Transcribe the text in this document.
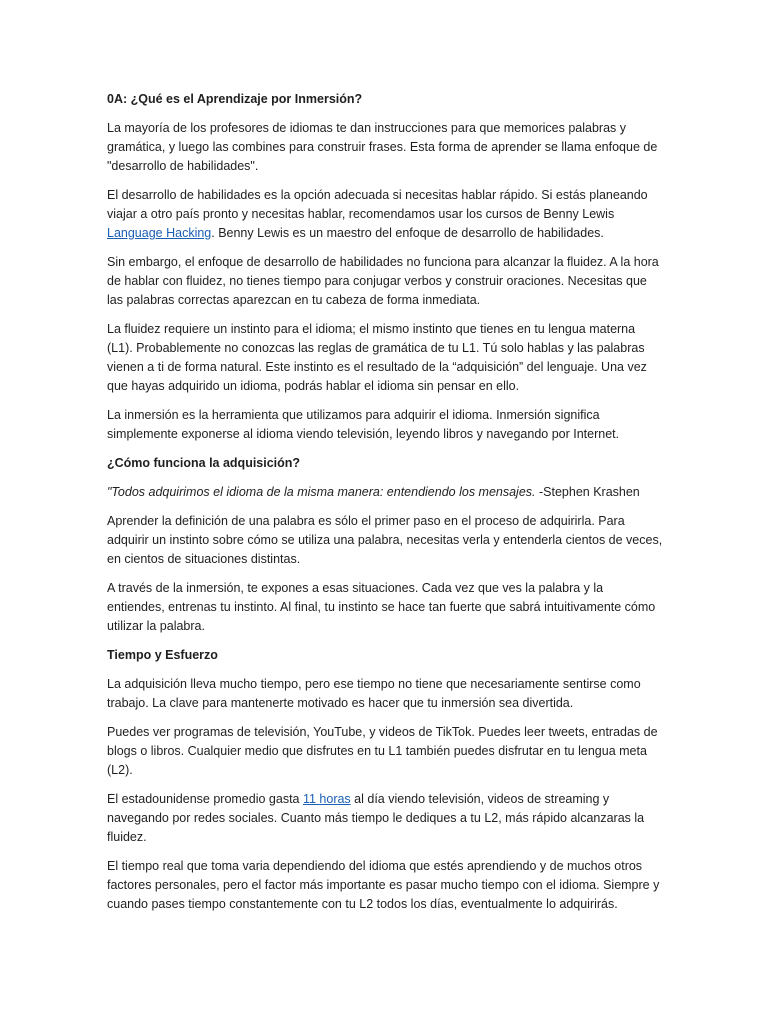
0A: ¿Qué es el Aprendizaje por Inmersión?

La mayoría de los profesores de idiomas te dan instrucciones para que memorices palabras y gramática, y luego las combines para construir frases. Esta forma de aprender se llama enfoque de "desarrollo de habilidades".

El desarrollo de habilidades es la opción adecuada si necesitas hablar rápido. Si estás planeando viajar a otro país pronto y necesitas hablar, recomendamos usar los cursos de Benny Lewis Language Hacking. Benny Lewis es un maestro del enfoque de desarrollo de habilidades.

Sin embargo, el enfoque de desarrollo de habilidades no funciona para alcanzar la fluidez. A la hora de hablar con fluidez, no tienes tiempo para conjugar verbos y construir oraciones. Necesitas que las palabras correctas aparezcan en tu cabeza de forma inmediata.

La fluidez requiere un instinto para el idioma; el mismo instinto que tienes en tu lengua materna (L1). Probablemente no conozcas las reglas de gramática de tu L1. Tú solo hablas y las palabras vienen a ti de forma natural. Este instinto es el resultado de la “adquisición” del lenguaje. Una vez que hayas adquirido un idioma, podrás hablar el idioma sin pensar en ello.

La inmersión es la herramienta que utilizamos para adquirir el idioma. Inmersión significa simplemente exponerse al idioma viendo televisión, leyendo libros y navegando por Internet.

¿Cómo funciona la adquisición?

"Todos adquirimos el idioma de la misma manera: entendiendo los mensajes. -Stephen Krashen

Aprender la definición de una palabra es sólo el primer paso en el proceso de adquirirla. Para adquirir un instinto sobre cómo se utiliza una palabra, necesitas verla y entenderla cientos de veces, en cientos de situaciones distintas.

A través de la inmersión, te expones a esas situaciones. Cada vez que ves la palabra y la entiendes, entrenas tu instinto. Al final, tu instinto se hace tan fuerte que sabrá intuitivamente cómo utilizar la palabra.

Tiempo y Esfuerzo

La adquisición lleva mucho tiempo, pero ese tiempo no tiene que necesariamente sentirse como trabajo. La clave para mantenerte motivado es hacer que tu inmersión sea divertida.

Puedes ver programas de televisión, YouTube, y videos de TikTok. Puedes leer tweets, entradas de blogs o libros. Cualquier medio que disfrutes en tu L1 también puedes disfrutar en tu lengua meta (L2).

El estadounidense promedio gasta 11 horas al día viendo televisión, videos de streaming y navegando por redes sociales. Cuanto más tiempo le dediques a tu L2, más rápido alcanzaras la fluidez.

El tiempo real que toma varia dependiendo del idioma que estés aprendiendo y de muchos otros factores personales, pero el factor más importante es pasar mucho tiempo con el idioma. Siempre y cuando pases tiempo constantemente con tu L2 todos los días, eventualmente lo adquirirás.
